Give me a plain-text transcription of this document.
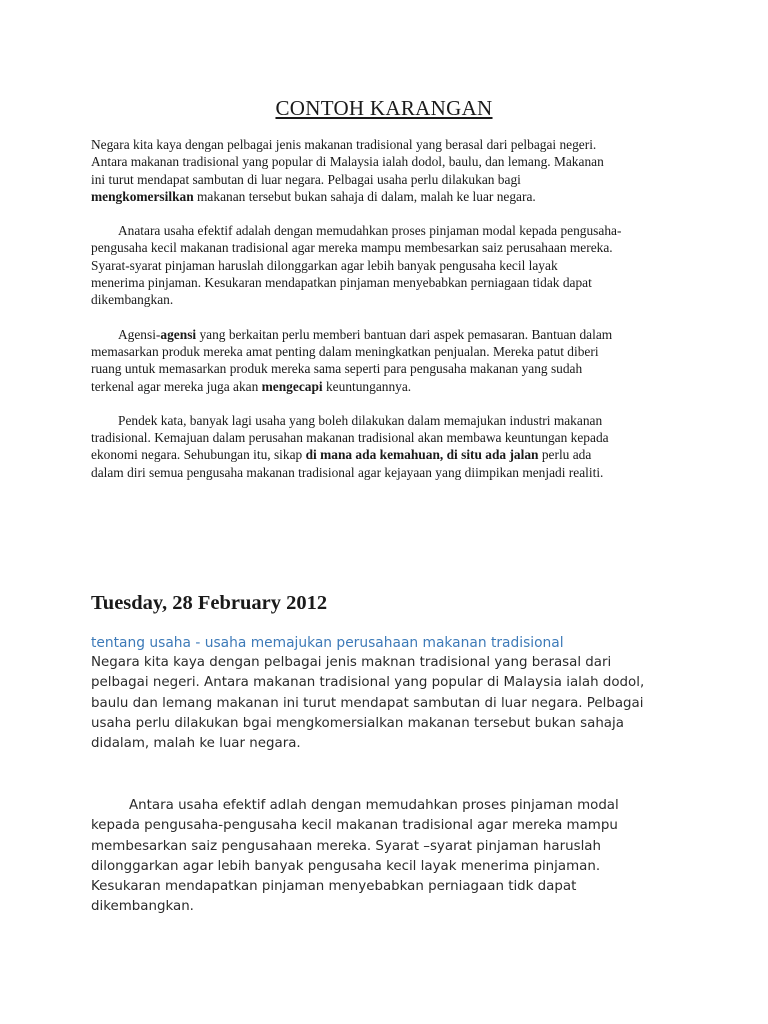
CONTOH KARANGAN

Negara kita kaya dengan pelbagai jenis makanan tradisional yang berasal dari pelbagai negeri.
Antara makanan tradisional yang popular di Malaysia ialah dodol, baulu, dan lemang. Makanan
ini turut mendapat sambutan di luar negara. Pelbagai usaha perlu dilakukan bagi
mengkomersilkan makanan tersebut bukan sahaja di dalam, malah ke luar negara.

Anatara usaha efektif adalah dengan memudahkan proses pinjaman modal kepada pengusaha-
pengusaha kecil makanan tradisional agar mereka mampu membesarkan saiz perusahaan mereka.
Syarat-syarat pinjaman haruslah dilonggarkan agar lebih banyak pengusaha kecil layak
menerima pinjaman. Kesukaran mendapatkan pinjaman menyebabkan perniagaan tidak dapat
dikembangkan.

Agensi-agensi yang berkaitan perlu memberi bantuan dari aspek pemasaran. Bantuan dalam
memasarkan produk mereka amat penting dalam meningkatkan penjualan. Mereka patut diberi
ruang untuk memasarkan produk mereka sama seperti para pengusaha makanan yang sudah
terkenal agar mereka juga akan mengecapi keuntungannya.

Pendek kata, banyak lagi usaha yang boleh dilakukan dalam memajukan industri makanan
tradisional. Kemajuan dalam perusahan makanan tradisional akan membawa keuntungan kepada
ekonomi negara. Sehubungan itu, sikap di mana ada kemahuan, di situ ada jalan perlu ada
dalam diri semua pengusaha makanan tradisional agar kejayaan yang diimpikan menjadi realiti.

Tuesday, 28 February 2012
tentang usaha - usaha memajukan perusahaan makanan tradisional

Negara kita kaya dengan pelbagai jenis maknan tradisional yang berasal dari
pelbagai negeri. Antara makanan tradisional yang popular di Malaysia ialah dodol,
baulu dan lemang makanan ini turut mendapat sambutan di luar negara. Pelbagai
usaha perlu dilakukan bgai mengkomersialkan makanan tersebut bukan sahaja
didalam, malah ke luar negara.

Antara usaha efektif adlah dengan memudahkan proses pinjaman modal
kepada pengusaha-pengusaha kecil makanan tradisional agar mereka mampu
membesarkan saiz pengusahaan mereka. Syarat –syarat pinjaman haruslah
dilonggarkan agar lebih banyak pengusaha kecil layak menerima pinjaman.
Kesukaran mendapatkan pinjaman menyebabkan perniagaan tidk dapat
dikembangkan.
